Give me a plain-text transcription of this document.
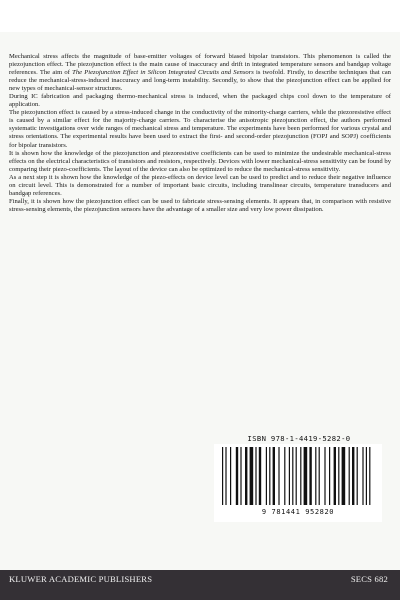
Mechanical stress affects the magnitude of base-emitter voltages of forward biased bipolar transistors. This phenomenon is called the piezojunction effect. The piezojunction effect is the main cause of inaccuracy and drift in integrated temperature sensors and bandgap voltage references. The aim of The Piezojunction Effect in Silicon Integrated Circuits and Sensors is twofold. Firstly, to describe techniques that can reduce the mechanical-stress-induced inaccuracy and long-term instability. Secondly, to show that the piezojunction effect can be applied for new types of mechanical-sensor structures.

During IC fabrication and packaging thermo-mechanical stress is induced, when the packaged chips cool down to the temperature of application.

The piezojunction effect is caused by a stress-induced change in the conductivity of the minority-charge carriers, while the piezoresistive effect is caused by a similar effect for the majority-charge carriers. To characterise the anisotropic piezojunction effect, the authors performed systematic investigations over wide ranges of mechanical stress and temperature. The experiments have been performed for various crystal and stress orientations. The experimental results have been used to extract the first- and second-order piezojunction (FOPJ and SOPJ) coefficients for bipolar transistors.

It is shown how the knowledge of the piezojunction and piezoresistive coefficients can be used to minimize the undesirable mechanical-stress effects on the electrical characteristics of transistors and resistors, respectively. Devices with lower mechanical-stress sensitivity can be found by comparing their piezo-coefficients. The layout of the device can also be optimized to reduce the mechanical-stress sensitivity.

As a next step it is shown how the knowledge of the piezo-effects on device level can be used to predict and to reduce their negative influence on circuit level. This is demonstrated for a number of important basic circuits, including translinear circuits, temperature transducers and bandgap references.

Finally, it is shown how the piezojunction effect can be used to fabricate stress-sensing elements. It appears that, in comparison with resistive stress-sensing elements, the piezojunction sensors have the advantage of a smaller size and very low power dissipation.

ISBN 978-1-4419-5282-0
9 781441 952820
KLUWER ACADEMIC PUBLISHERS	SECS 682
